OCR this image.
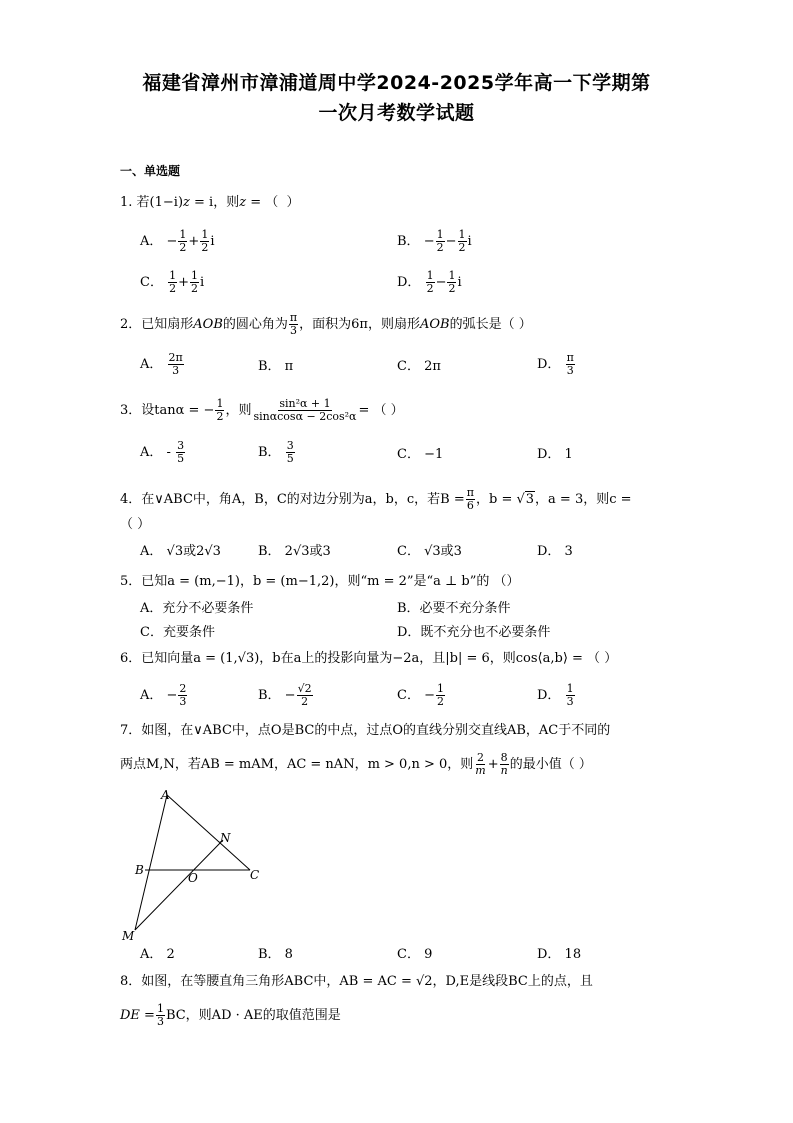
福建省漳州市漳浦道周中学2024-2025学年高一下学期第
一次月考数学试题
一、单选题
1. 若(1−i)z = i，则z = （  ）
A． − $\frac{1}{2} + \frac{1}{2}$ i	B． − $\frac{1}{2} - \frac{1}{2}$ i
C． $\frac{1}{2} + \frac{1}{2}$ i	D． $\frac{1}{2} - \frac{1}{2}$ i
2．已知扇形AOB的圆心角为 $\frac{\pi}{3}$ ，面积为6π，则扇形AOB的弧长是（ ）
A． $\frac{2\pi}{3}$	B． π	C． 2π	D． $\frac{\pi}{3}$
3．设tanα = − $\frac{1}{2}$ ，则 $\frac{\text{sin²α + 1}}{\text{sinαcosα − 2cos²α}}$ = （ ）
A． - $\frac{3}{5}$	B． $\frac{3}{5}$	C． −1	D． 1
4．在∨ABC中，角A，B，C的对边分别为a，b，c，若$B = \frac{\pi}{6}$ ，b = √3，a = 3，则c =
（ ）
A． √3或2√3	B． 2√3或3	C． √3或3	D． 3
5．已知a = (m,−1)，b = (m−1,2)，则“m = 2”是“a ⊥ b”的 （）
A．充分不必要条件	B．必要不充分条件
C．充要条件	D．既不充分也不必要条件
6．已知向量a = (1,√3)，b在a上的投影向量为−2a，且|b| = 6，则cos⟨a,b⟩ = （ ）
A． − $\frac{2}{3}$	B． − $\frac{√2}{2}$	C． − $\frac{1}{2}$	D． $\frac{1}{3}$
7．如图，在∨ABC中，点O是BC的中点，过点O的直线分别交直线AB，AC于不同的
两点M,N，若AB = mAM，AC = nAN，m > 0,n > 0，则 $\frac{2}{m} + \frac{8}{n}$ 的最小值（ ）
A
N
B
O	C
M
A． 2	B． 8	C． 9	D． 18
8．如图，在等腰直角三角形ABC中，AB = AC = √2，D,E是线段BC上的点，且
DE = $\frac{1}{3}$ BC，则AD · AE的取值范围是
